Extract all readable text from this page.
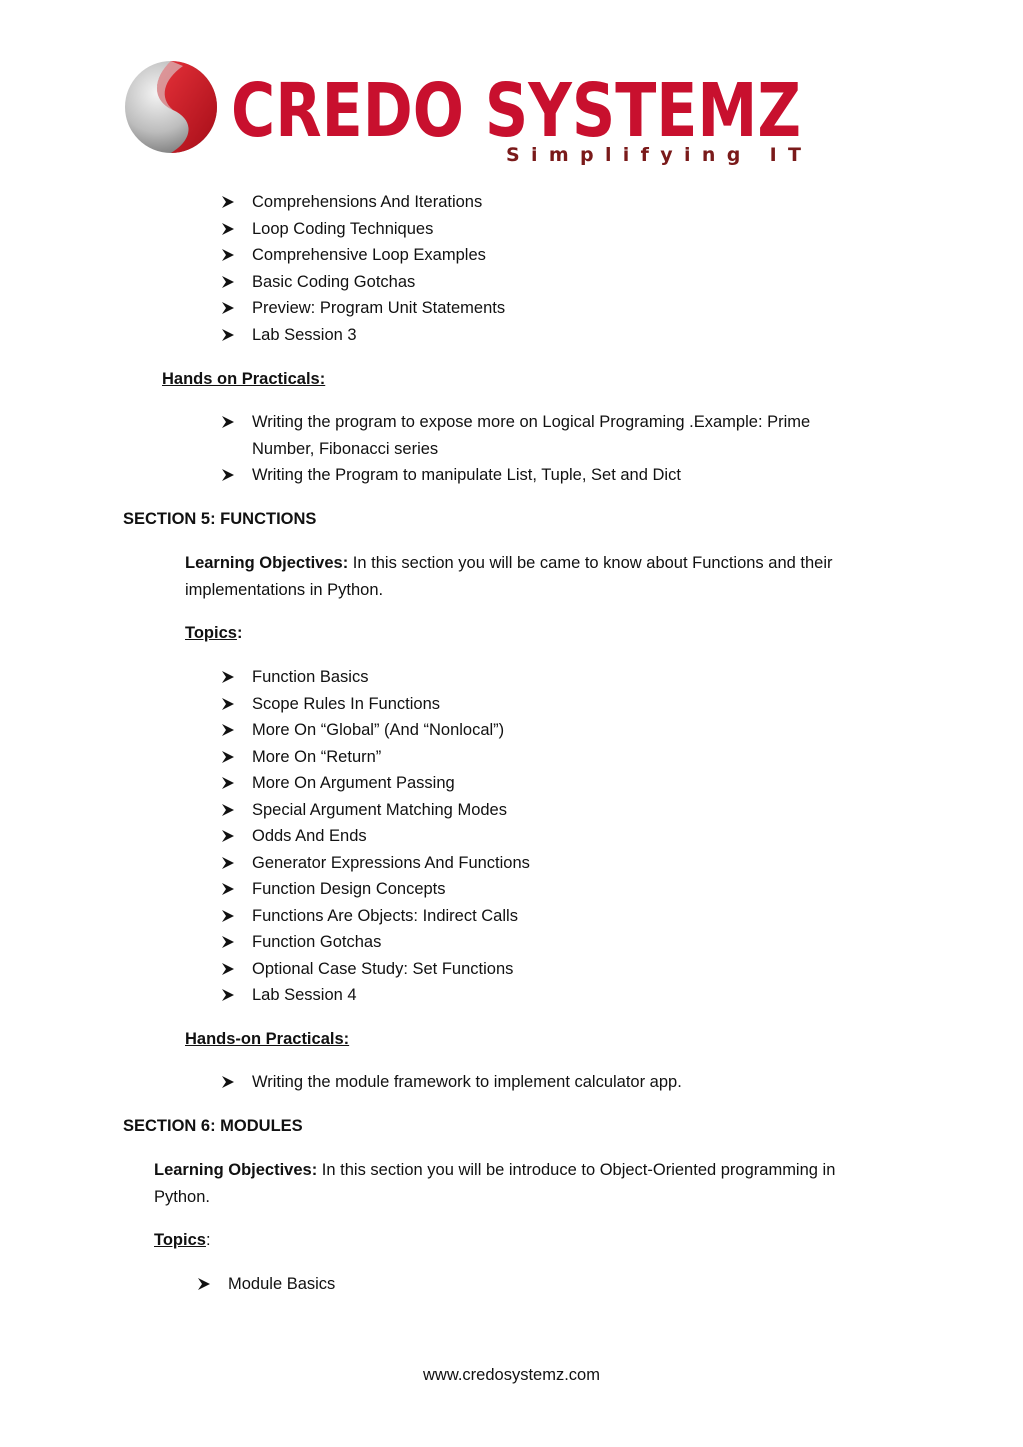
CREDO SYSTEMZ
Simplifying IT
Comprehensions And Iterations
Loop Coding Techniques
Comprehensive Loop Examples
Basic Coding Gotchas
Preview: Program Unit Statements
Lab Session 3
Hands on Practicals:
Writing the program to expose more on Logical Programing .Example: Prime Number, Fibonacci series
Writing the Program to manipulate List, Tuple, Set and Dict
SECTION 5: FUNCTIONS
Learning Objectives: In this section you will be came to know about Functions and their implementations in Python.
Topics:
Function Basics
Scope Rules In Functions
More On “Global” (And “Nonlocal”)
More On “Return”
More On Argument Passing
Special Argument Matching Modes
Odds And Ends
Generator Expressions And Functions
Function Design Concepts
Functions Are Objects: Indirect Calls
Function Gotchas
Optional Case Study: Set Functions
Lab Session 4
Hands-on Practicals:
Writing the module framework to implement calculator app.
SECTION 6: MODULES
Learning Objectives: In this section you will be introduce to Object-Oriented programming in Python.
Topics:
Module Basics
www.credosystemz.com
